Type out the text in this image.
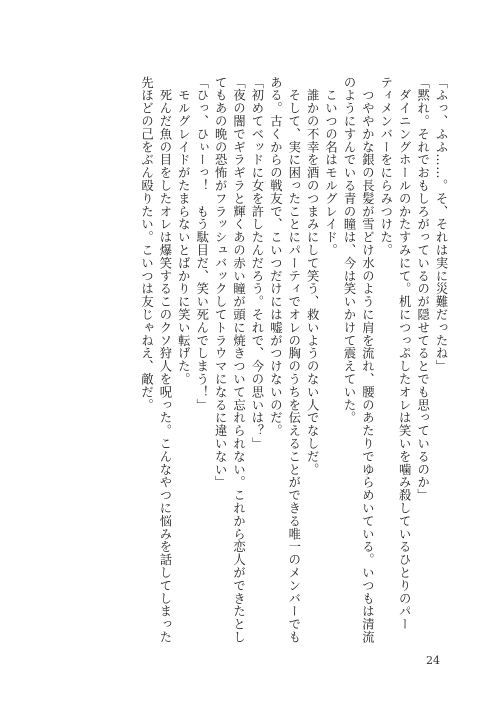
「ふっ、ふふ……。そ、それは実に災難だったね」
「黙れ。それでおもしろがっているのが隠せてるとでも思っているのか」
　ダイニングホールのかたすみにて。机につっぷしたオレは笑いを噛み殺しているひとりのパー
ティメンバーをにらみつけた。
　つややかな銀の長髪が雪どけ水のように肩を流れ、腰のあたりでゆらめいている。いつもは清流
のようにすんでいる青の瞳は、今は笑いかけて震えていた。
　こいつの名はモルグレイド。
　誰かの不幸を酒のつまみにして笑う、救いようのない人でなしだ。
　そして、実に困ったことにパーティでオレの胸のうちを伝えることができる唯一のメンバーでも
ある。古くからの戦友で、こいつだけには嘘がつけないのだ。
「初めてベッドに女を許したんだろう。それで、今の思いは？」
「夜の闇でギラギラと輝くあの赤い瞳が頭に焼きついて忘れられない。これから恋人ができたとし
てもあの晩の恐怖がフラッシュバックしてトラウマになるに違いない」
「ひっ、ひぃーっ！　もう駄目だ、笑い死んでしまう！」
　モルグレイドがたまらないとばかりに笑い転げた。
　死んだ魚の目をしたオレは爆笑するこのクソ狩人を呪った。こんなやつに悩みを話してしまった
先ほどの己をぶん殴りたい。こいつは友じゃねえ、敵だ。
24
